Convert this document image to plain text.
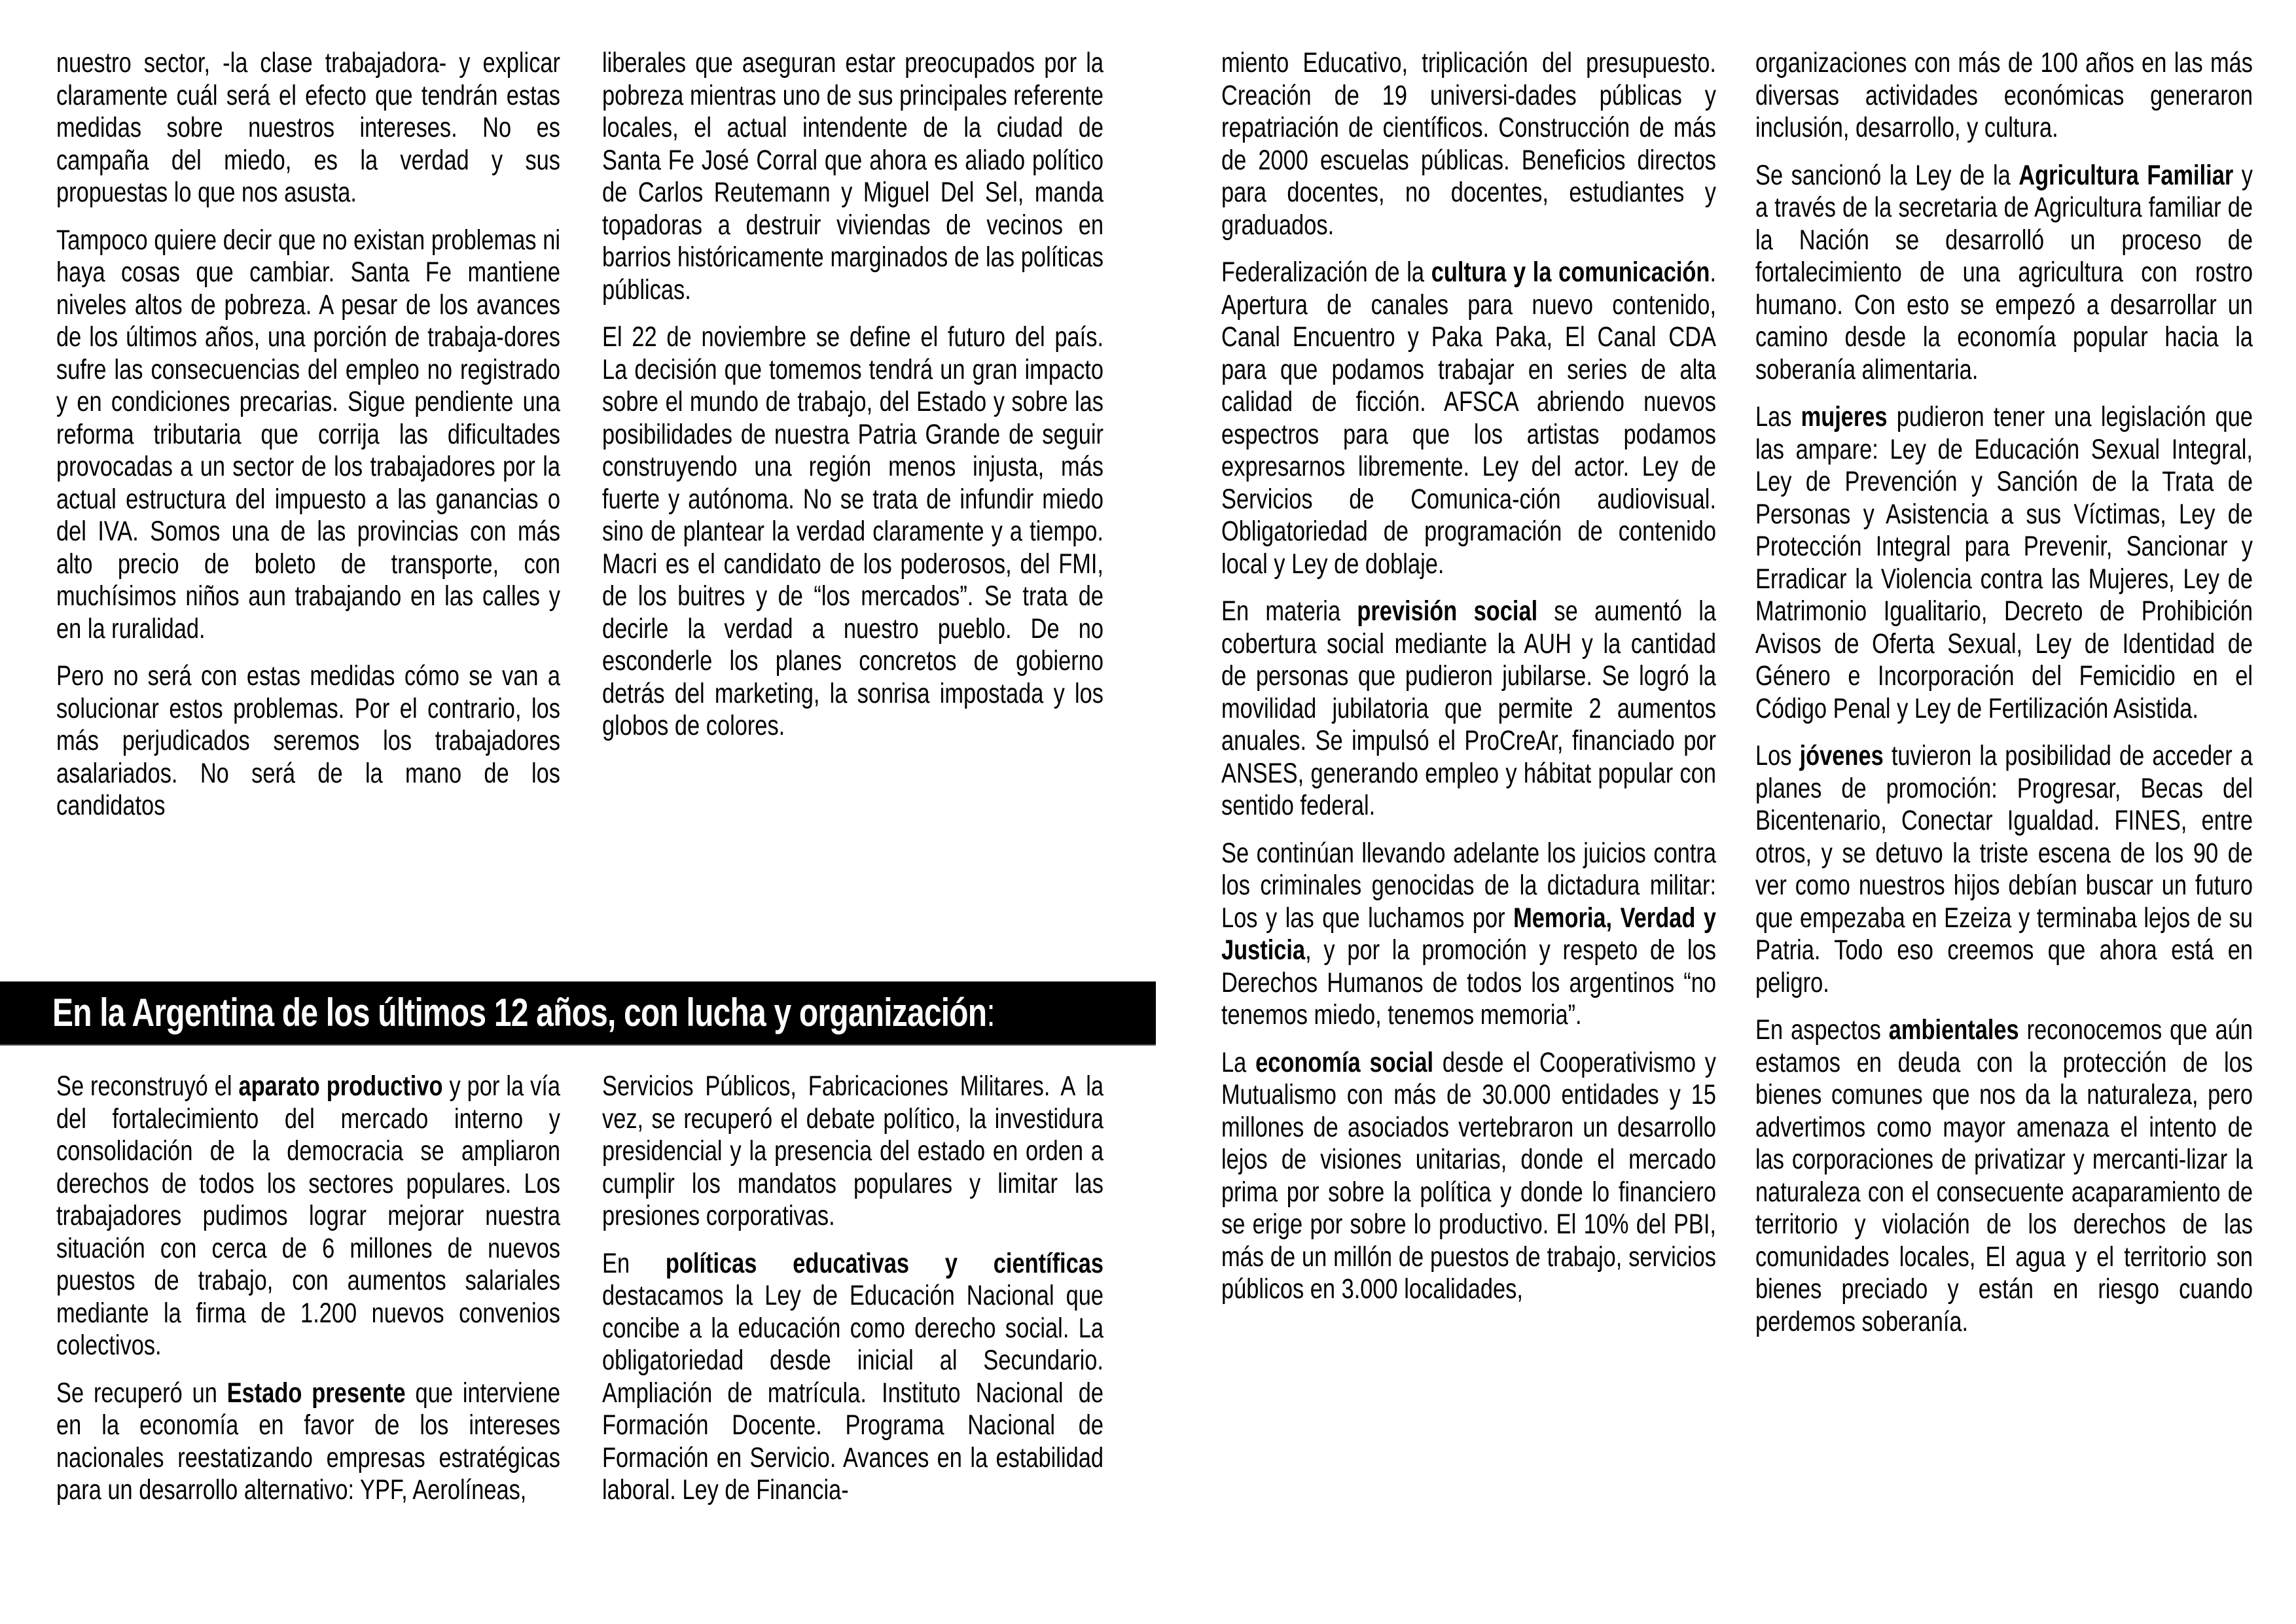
nuestro sector, -la clase trabajadora- y explicar claramente cuál será el efecto que tendrán estas medidas sobre nuestros intereses. No es campaña del miedo, es la verdad y sus propuestas lo que nos asusta.

Tampoco quiere decir que no existan problemas ni haya cosas que cambiar. Santa Fe mantiene niveles altos de pobreza. A pesar de los avances de los últimos años, una porción de trabaja-dores sufre las consecuencias del empleo no registrado y en condiciones precarias. Sigue pendiente una reforma tributaria que corrija las dificultades provocadas a un sector de los trabajadores por la actual estructura del impuesto a las ganancias o del IVA. Somos una de las provincias con más alto precio de boleto de transporte, con muchísimos niños aun trabajando en las calles y en la ruralidad.

Pero no será con estas medidas cómo se van a solucionar estos problemas. Por el contrario, los más perjudicados seremos los trabajadores asalariados. No será de la mano de los candidatos

liberales que aseguran estar preocupados por la pobreza mientras uno de sus principales referente locales, el actual intendente de la ciudad de Santa Fe José Corral que ahora es aliado político de Carlos Reutemann y Miguel Del Sel, manda topadoras a destruir viviendas de vecinos en barrios históricamente marginados de las políticas públicas.

El 22 de noviembre se define el futuro del país. La decisión que tomemos tendrá un gran impacto sobre el mundo de trabajo, del Estado y sobre las posibilidades de nuestra Patria Grande de seguir construyendo una región menos injusta, más fuerte y autónoma. No se trata de infundir miedo sino de plantear la verdad claramente y a tiempo. Macri es el candidato de los poderosos, del FMI, de los buitres y de “los mercados”. Se trata de decirle la verdad a nuestro pueblo. De no esconderle los planes concretos de gobierno detrás del marketing, la sonrisa impostada y los globos de colores.

En la Argentina de los últimos 12 años, con lucha y organización:

Se reconstruyó el aparato productivo y por la vía del fortalecimiento del mercado interno y consolidación de la democracia se ampliaron derechos de todos los sectores populares. Los trabajadores pudimos lograr mejorar nuestra situación con cerca de 6 millones de nuevos puestos de trabajo, con aumentos salariales mediante la firma de 1.200 nuevos convenios colectivos.

Se recuperó un Estado presente que interviene en la economía en favor de los intereses nacionales reestatizando empresas estratégicas para un desarrollo alternativo: YPF, Aerolíneas,

Servicios Públicos, Fabricaciones Militares. A la vez, se recuperó el debate político, la investidura presidencial y la presencia del estado en orden a cumplir los mandatos populares y limitar las presiones corporativas.

En políticas educativas y científicas destacamos la Ley de Educación Nacional que concibe a la educación como derecho social. La obligatoriedad desde inicial al Secundario. Ampliación de matrícula. Instituto Nacional de Formación Docente. Programa Nacional de Formación en Servicio. Avances en la estabilidad laboral. Ley de Financia-

miento Educativo, triplicación del presupuesto. Creación de 19 universi-dades públicas y repatriación de científicos. Construcción de más de 2000 escuelas públicas. Beneficios directos para docentes, no docentes, estudiantes y graduados.

Federalización de la cultura y la comunicación. Apertura de canales para nuevo contenido, Canal Encuentro y Paka Paka, El Canal CDA para que podamos trabajar en series de alta calidad de ficción. AFSCA abriendo nuevos espectros para que los artistas podamos expresarnos libremente. Ley del actor. Ley de Servicios de Comunica-ción audiovisual. Obligatoriedad de programación de contenido local y Ley de doblaje.

En materia previsión social se aumentó la cobertura social mediante la AUH y la cantidad de personas que pudieron jubilarse. Se logró la movilidad jubilatoria que permite 2 aumentos anuales. Se impulsó el ProCreAr, financiado por ANSES, generando empleo y hábitat popular con sentido federal.

Se continúan llevando adelante los juicios contra los criminales genocidas de la dictadura militar: Los y las que luchamos por Memoria, Verdad y Justicia, y por la promoción y respeto de los Derechos Humanos de todos los argentinos “no tenemos miedo, tenemos memoria”.

La economía social desde el Cooperativismo y Mutualismo con más de 30.000 entidades y 15 millones de asociados vertebraron un desarrollo lejos de visiones unitarias, donde el mercado prima por sobre la política y donde lo financiero se erige por sobre lo productivo. El 10% del PBI, más de un millón de puestos de trabajo, servicios públicos en 3.000 localidades,

organizaciones con más de 100 años en las más diversas actividades económicas generaron inclusión, desarrollo, y cultura.

Se sancionó la Ley de la Agricultura Familiar y a través de la secretaria de Agricultura familiar de la Nación se desarrolló un proceso de fortalecimiento de una agricultura con rostro humano. Con esto se empezó a desarrollar un camino desde la economía popular hacia la soberanía alimentaria.

Las mujeres pudieron tener una legislación que las ampare: Ley de Educación Sexual Integral, Ley de Prevención y Sanción de la Trata de Personas y Asistencia a sus Víctimas, Ley de Protección Integral para Prevenir, Sancionar y Erradicar la Violencia contra las Mujeres, Ley de Matrimonio Igualitario, Decreto de Prohibición Avisos de Oferta Sexual, Ley de Identidad de Género e Incorporación del Femicidio en el Código Penal y Ley de Fertilización Asistida.

Los jóvenes tuvieron la posibilidad de acceder a planes de promoción: Progresar, Becas del Bicentenario, Conectar Igualdad. FINES, entre otros, y se detuvo la triste escena de los 90 de ver como nuestros hijos debían buscar un futuro que empezaba en Ezeiza y terminaba lejos de su Patria. Todo eso creemos que ahora está en peligro.

En aspectos ambientales reconocemos que aún estamos en deuda con la protección de los bienes comunes que nos da la naturaleza, pero advertimos como mayor amenaza el intento de las corporaciones de privatizar y mercanti-lizar la naturaleza con el consecuente acaparamiento de territorio y violación de los derechos de las comunidades locales, El agua y el territorio son bienes preciado y están en riesgo cuando perdemos soberanía.
